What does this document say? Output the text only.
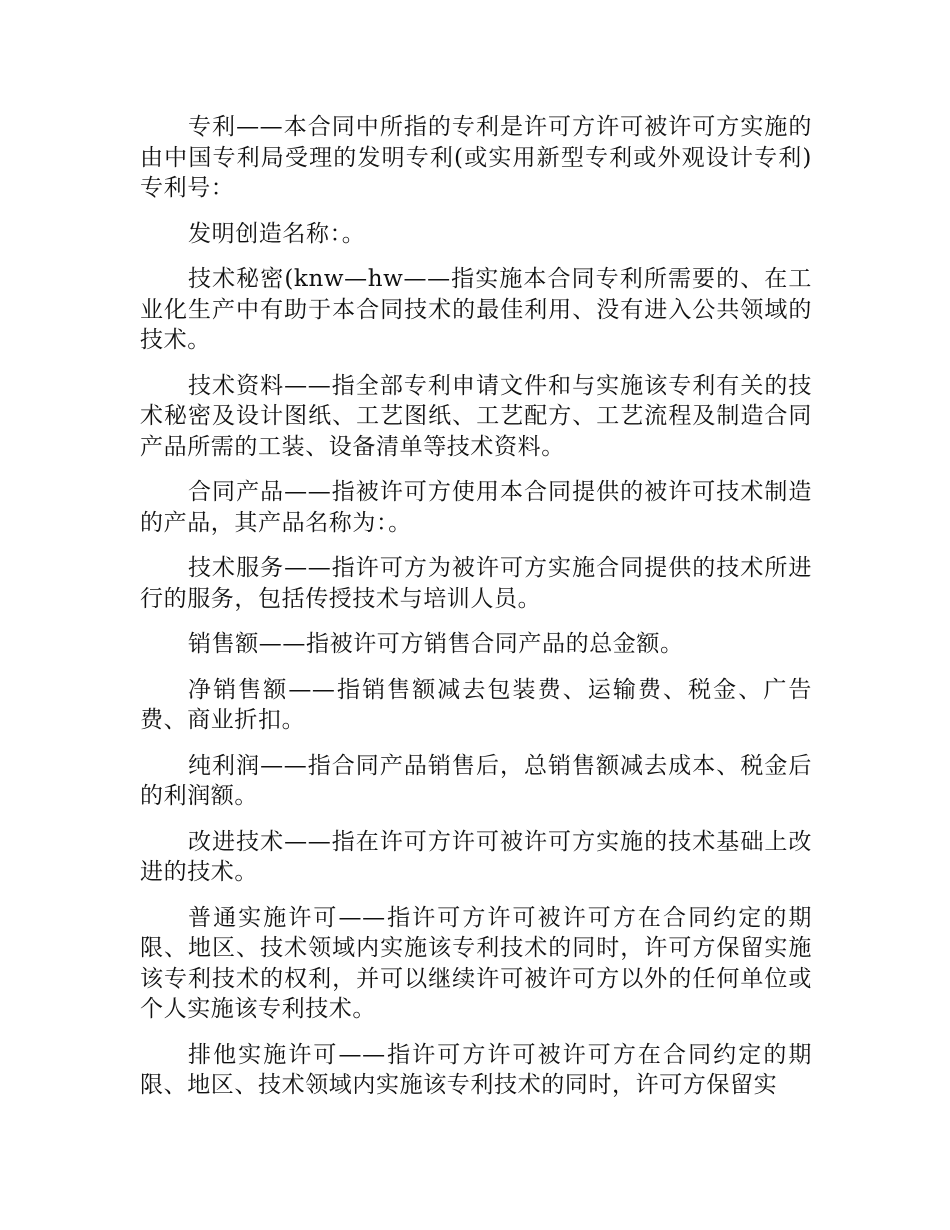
专利——本合同中所指的专利是许可方许可被许可方实施的由中国专利局受理的发明专利(或实用新型专利或外观设计专利)专利号：

发明创造名称：。

技术秘密(knw—hw——指实施本合同专利所需要的、在工业化生产中有助于本合同技术的最佳利用、没有进入公共领域的技术。

技术资料——指全部专利申请文件和与实施该专利有关的技术秘密及设计图纸、工艺图纸、工艺配方、工艺流程及制造合同产品所需的工装、设备清单等技术资料。

合同产品——指被许可方使用本合同提供的被许可技术制造的产品，其产品名称为：。

技术服务——指许可方为被许可方实施合同提供的技术所进行的服务，包括传授技术与培训人员。

销售额——指被许可方销售合同产品的总金额。

净销售额——指销售额减去包装费、运输费、税金、广告费、商业折扣。

纯利润——指合同产品销售后，总销售额减去成本、税金后的利润额。

改进技术——指在许可方许可被许可方实施的技术基础上改进的技术。

普通实施许可——指许可方许可被许可方在合同约定的期限、地区、技术领域内实施该专利技术的同时，许可方保留实施该专利技术的权利，并可以继续许可被许可方以外的任何单位或个人实施该专利技术。

排他实施许可——指许可方许可被许可方在合同约定的期限、地区、技术领域内实施该专利技术的同时，许可方保留实
